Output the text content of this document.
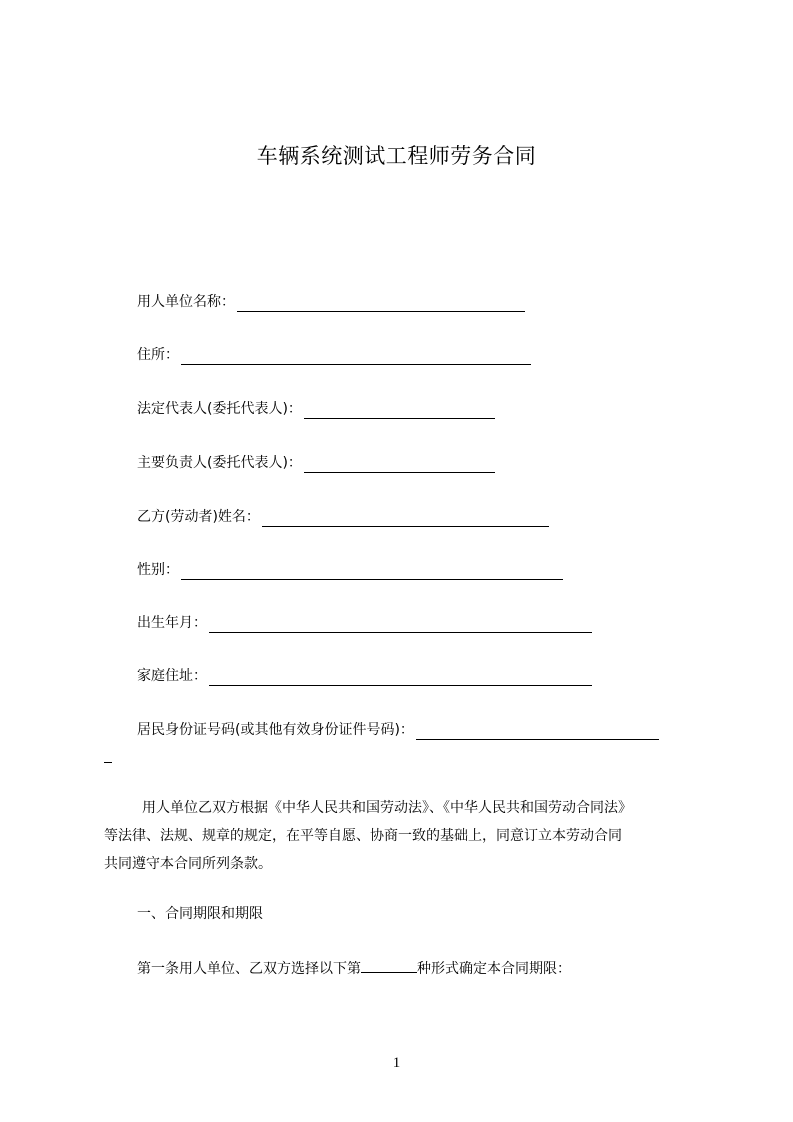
车辆系统测试工程师劳务合同
用人单位名称：
住所：
法定代表人(委托代表人)：
主要负责人(委托代表人)：
乙方(劳动者)姓名：
性别：
出生年月：
家庭住址：
居民身份证号码(或其他有效身份证件号码)：
用人单位乙双方根据《中华人民共和国劳动法》、《中华人民共和国劳动合同法》
等法律、法规、规章的规定，在平等自愿、协商一致的基础上，同意订立本劳动合同
共同遵守本合同所列条款。
一、合同期限和期限
第一条用人单位、乙双方选择以下第	种形式确定本合同期限：
1
